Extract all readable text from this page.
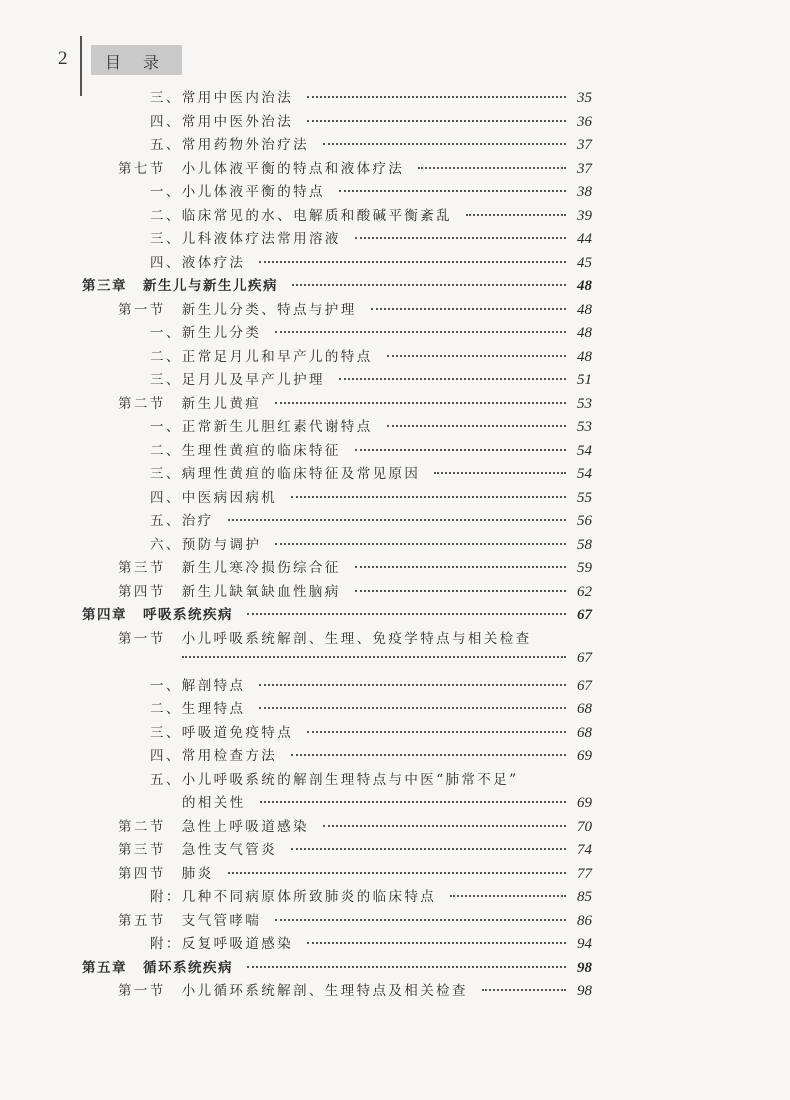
2 目 录
三、常用中医内治法	35
四、常用中医外治法	36
五、常用药物外治疗法	37
第七节 小儿体液平衡的特点和液体疗法	37
一、小儿体液平衡的特点	38
二、临床常见的水、电解质和酸碱平衡紊乱	39
三、儿科液体疗法常用溶液	44
四、液体疗法	45
第三章 新生儿与新生儿疾病	48
第一节 新生儿分类、特点与护理	48
一、新生儿分类	48
二、正常足月儿和早产儿的特点	48
三、足月儿及早产儿护理	51
第二节 新生儿黄疸	53
一、正常新生儿胆红素代谢特点	53
二、生理性黄疸的临床特征	54
三、病理性黄疸的临床特征及常见原因	54
四、中医病因病机	55
五、治疗	56
六、预防与调护	58
第三节 新生儿寒冷损伤综合征	59
第四节 新生儿缺氧缺血性脑病	62
第四章 呼吸系统疾病	67
第一节 小儿呼吸系统解剖、生理、免疫学特点与相关检查
67
一、解剖特点	67
二、生理特点	68
三、呼吸道免疫特点	68
四、常用检查方法	69
五、小儿呼吸系统的解剖生理特点与中医“肺常不足”
的相关性	69
第二节 急性上呼吸道感染	70
第三节 急性支气管炎	74
第四节 肺炎	77
附：几种不同病原体所致肺炎的临床特点	85
第五节 支气管哮喘	86
附：反复呼吸道感染	94
第五章 循环系统疾病	98
第一节 小儿循环系统解剖、生理特点及相关检查	98
